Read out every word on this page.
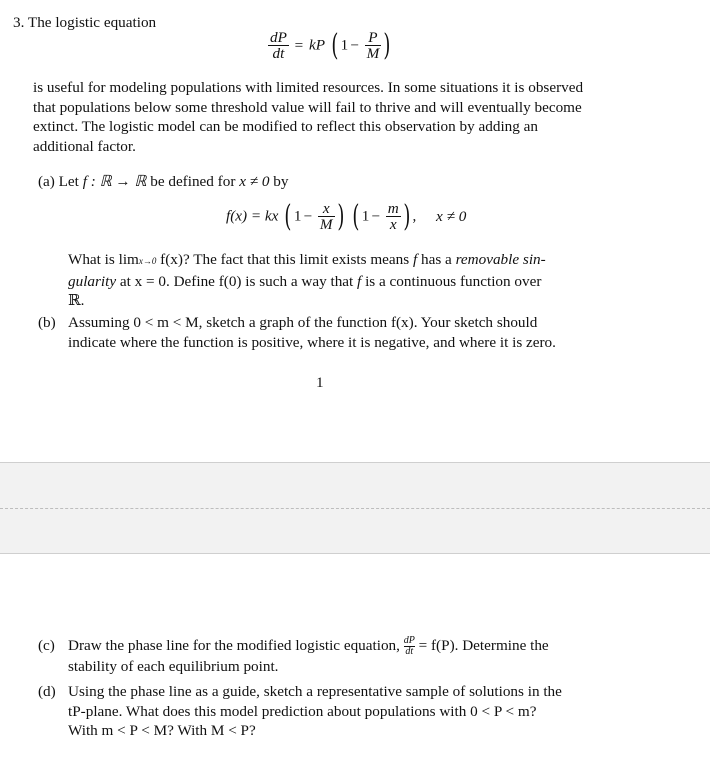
3. The logistic equation
$\frac{dP}{dt}$ = kP ( $1 - \frac{P}{M}$ )
is useful for modeling populations with limited resources. In some situations it is observed
that populations below some threshold value will fail to thrive and will eventually become
extinct. The logistic model can be modified to reflect this observation by adding an
additional factor.
(a) Let f : ℝ → ℝ be defined for x ≠ 0 by
f(x) = kx ( $1 - \frac{x}{M}$ ) ( $1 - \frac{m}{x}$ ) , x ≠ 0
What is limx→0 f(x)? The fact that this limit exists means f has a removable sin-
gularity at x = 0. Define f(0) is such a way that f is a continuous function over
ℝ.
(b) Assuming 0 < m < M, sketch a graph of the function f(x). Your sketch should
indicate where the function is positive, where it is negative, and where it is zero.
1
(c) Draw the phase line for the modified logistic equation, $\frac{dP}{dt} = f(P)$. Determine the
stability of each equilibrium point.
(d) Using the phase line as a guide, sketch a representative sample of solutions in the
tP-plane. What does this model prediction about populations with 0 < P < m?
With m < P < M? With M < P?
